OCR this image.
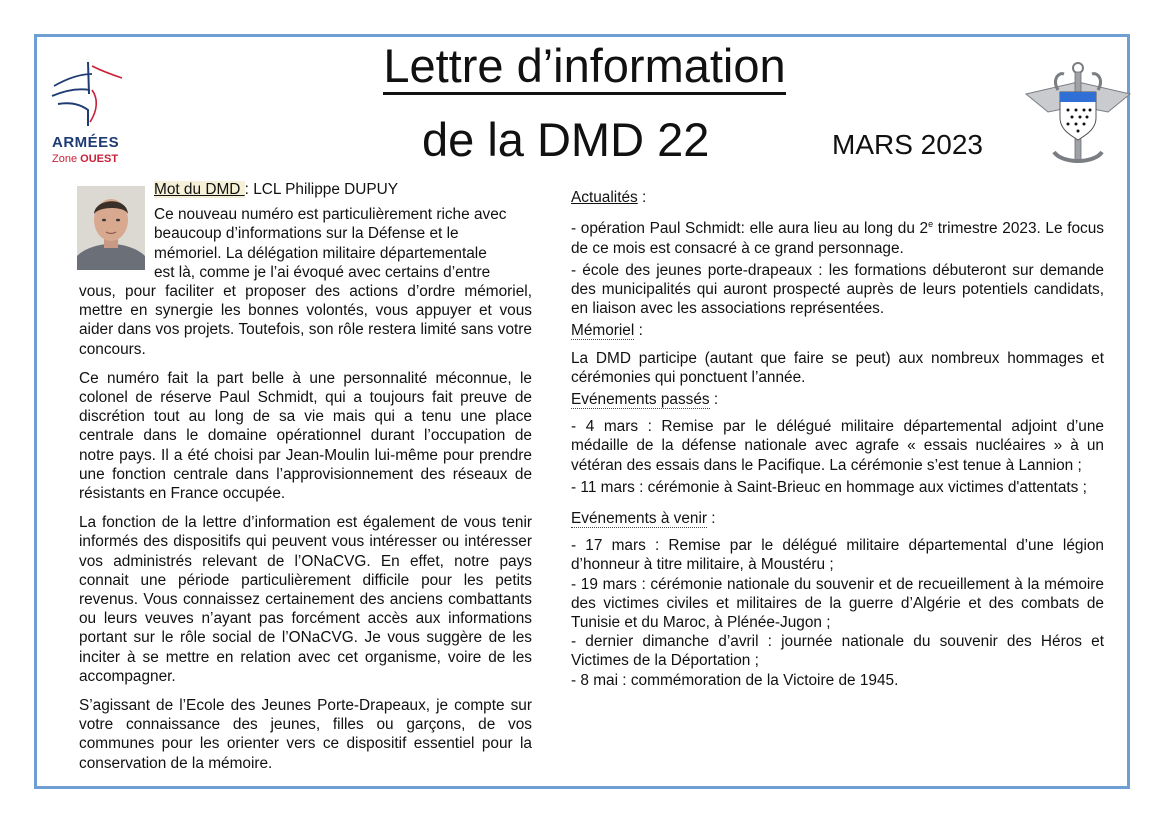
ARMÉES
Zone OUEST
Lettre d’information
de la DMD 22	MARS 2023

Mot du DMD : LCL Philippe DUPUY

Ce nouveau numéro est particulièrement riche avec
beaucoup d’informations sur la Défense et le
mémoriel. La délégation militaire départementale
est là, comme je l’ai évoqué avec certains d’entre
vous, pour faciliter et proposer des actions d’ordre mémoriel, mettre en synergie les bonnes volontés, vous appuyer et vous aider dans vos projets. Toutefois, son rôle restera limité sans votre concours.

Ce numéro fait la part belle à une personnalité méconnue, le colonel de réserve Paul Schmidt, qui a toujours fait preuve de discrétion tout au long de sa vie mais qui a tenu une place centrale dans le domaine opérationnel durant l’occupation de notre pays. Il a été choisi par Jean-Moulin lui-même pour prendre une fonction centrale dans l’approvisionnement des réseaux de résistants en France occupée.

La fonction de la lettre d’information est également de vous tenir informés des dispositifs qui peuvent vous intéresser ou intéresser vos administrés relevant de l’ONaCVG. En effet, notre pays connait une période particulièrement difficile pour les petits revenus. Vous connaissez certainement des anciens combattants ou leurs veuves n’ayant pas forcément accès aux informations portant sur le rôle social de l’ONaCVG. Je vous suggère de les inciter à se mettre en relation avec cet organisme, voire de les accompagner.

S’agissant de l’Ecole des Jeunes Porte-Drapeaux, je compte sur votre connaissance des jeunes, filles ou garçons, de vos communes pour les orienter vers ce dispositif essentiel pour la conservation de la mémoire.

Actualités :

- opération Paul Schmidt: elle aura lieu au long du 2e trimestre 2023. Le focus de ce mois est consacré à ce grand personnage.

- école des jeunes porte-drapeaux : les formations débuteront sur demande des municipalités qui auront prospecté auprès de leurs potentiels candidats, en liaison avec les associations représentées.

Mémoriel :

La DMD participe (autant que faire se peut) aux nombreux hommages et cérémonies qui ponctuent l’année.

Evénements passés :

- 4 mars : Remise par le délégué militaire départemental adjoint d’une médaille de la défense nationale avec agrafe « essais nucléaires » à un vétéran des essais dans le Pacifique. La cérémonie s’est tenue à Lannion ;

- 11 mars : cérémonie à Saint-Brieuc en hommage aux victimes d'attentats ;

Evénements à venir :

- 17 mars : Remise par le délégué militaire départemental d’une légion d’honneur à titre militaire, à Moustéru ;

- 19 mars : cérémonie nationale du souvenir et de recueillement à la mémoire des victimes civiles et militaires de la guerre d’Algérie et des combats de Tunisie et du Maroc, à Plénée-Jugon ;

- dernier dimanche d’avril : journée nationale du souvenir des Héros et Victimes de la Déportation ;

- 8 mai : commémoration de la Victoire de 1945.
